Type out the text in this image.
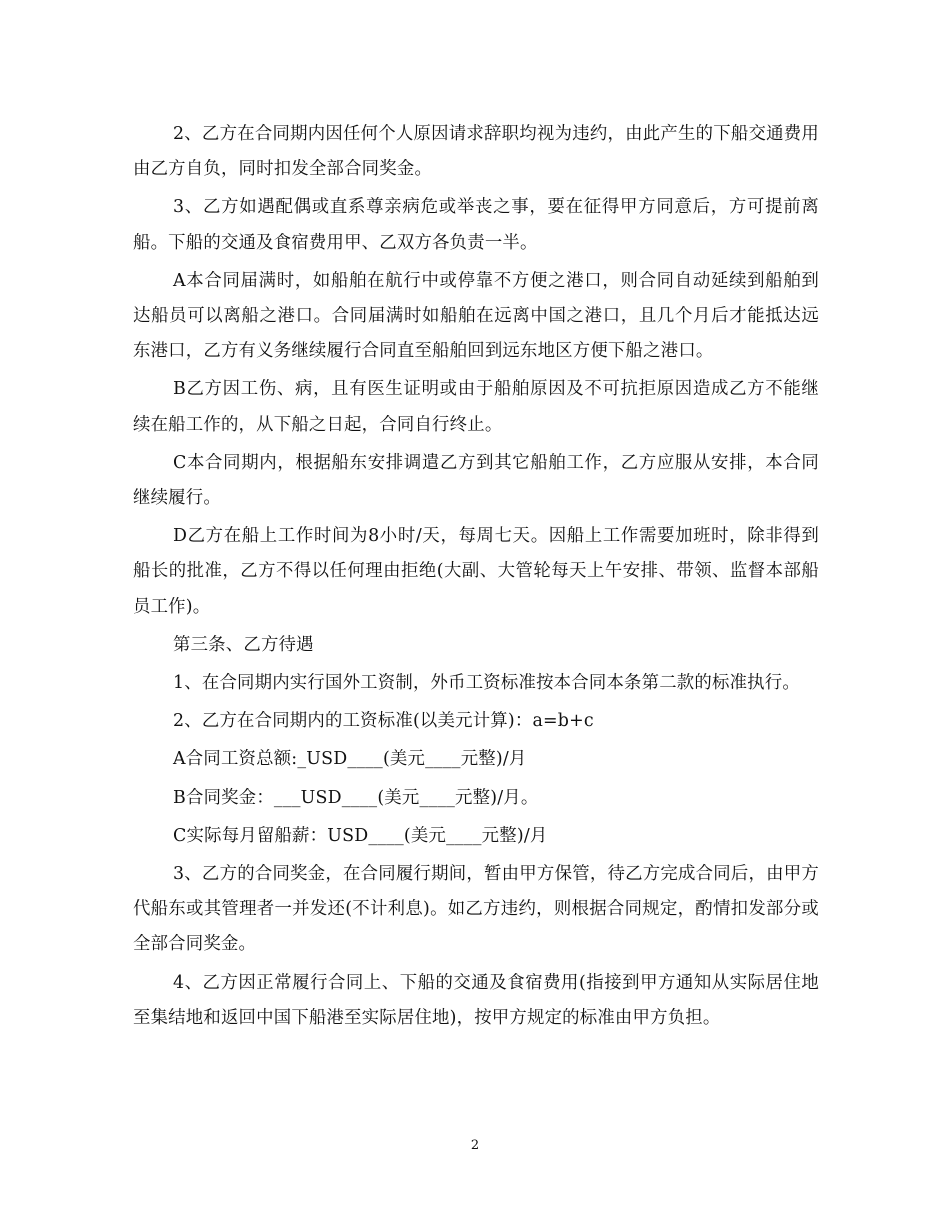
2、乙方在合同期内因任何个人原因请求辞职均视为违约，由此产生的下船交通费用由乙方自负，同时扣发全部合同奖金。

3、乙方如遇配偶或直系尊亲病危或举丧之事，要在征得甲方同意后，方可提前离船。下船的交通及食宿费用甲、乙双方各负责一半。

A本合同届满时，如船舶在航行中或停靠不方便之港口，则合同自动延续到船舶到达船员可以离船之港口。合同届满时如船舶在远离中国之港口，且几个月后才能抵达远东港口，乙方有义务继续履行合同直至船舶回到远东地区方便下船之港口。

B乙方因工伤、病，且有医生证明或由于船舶原因及不可抗拒原因造成乙方不能继续在船工作的，从下船之日起，合同自行终止。

C本合同期内，根据船东安排调遣乙方到其它船舶工作，乙方应服从安排，本合同继续履行。

D乙方在船上工作时间为8小时/天，每周七天。因船上工作需要加班时，除非得到船长的批准，乙方不得以任何理由拒绝(大副、大管轮每天上午安排、带领、监督本部船员工作)。

第三条、乙方待遇

1、在合同期内实行国外工资制，外币工资标准按本合同本条第二款的标准执行。

2、乙方在合同期内的工资标准(以美元计算)：a=b+c

A合同工资总额:_USD____(美元____元整)/月

B合同奖金：___USD____(美元____元整)/月。

C实际每月留船薪：USD____(美元____元整)/月

3、乙方的合同奖金，在合同履行期间，暂由甲方保管，待乙方完成合同后，由甲方代船东或其管理者一并发还(不计利息)。如乙方违约，则根据合同规定，酌情扣发部分或全部合同奖金。

4、乙方因正常履行合同上、下船的交通及食宿费用(指接到甲方通知从实际居住地至集结地和返回中国下船港至实际居住地)，按甲方规定的标准由甲方负担。

2
